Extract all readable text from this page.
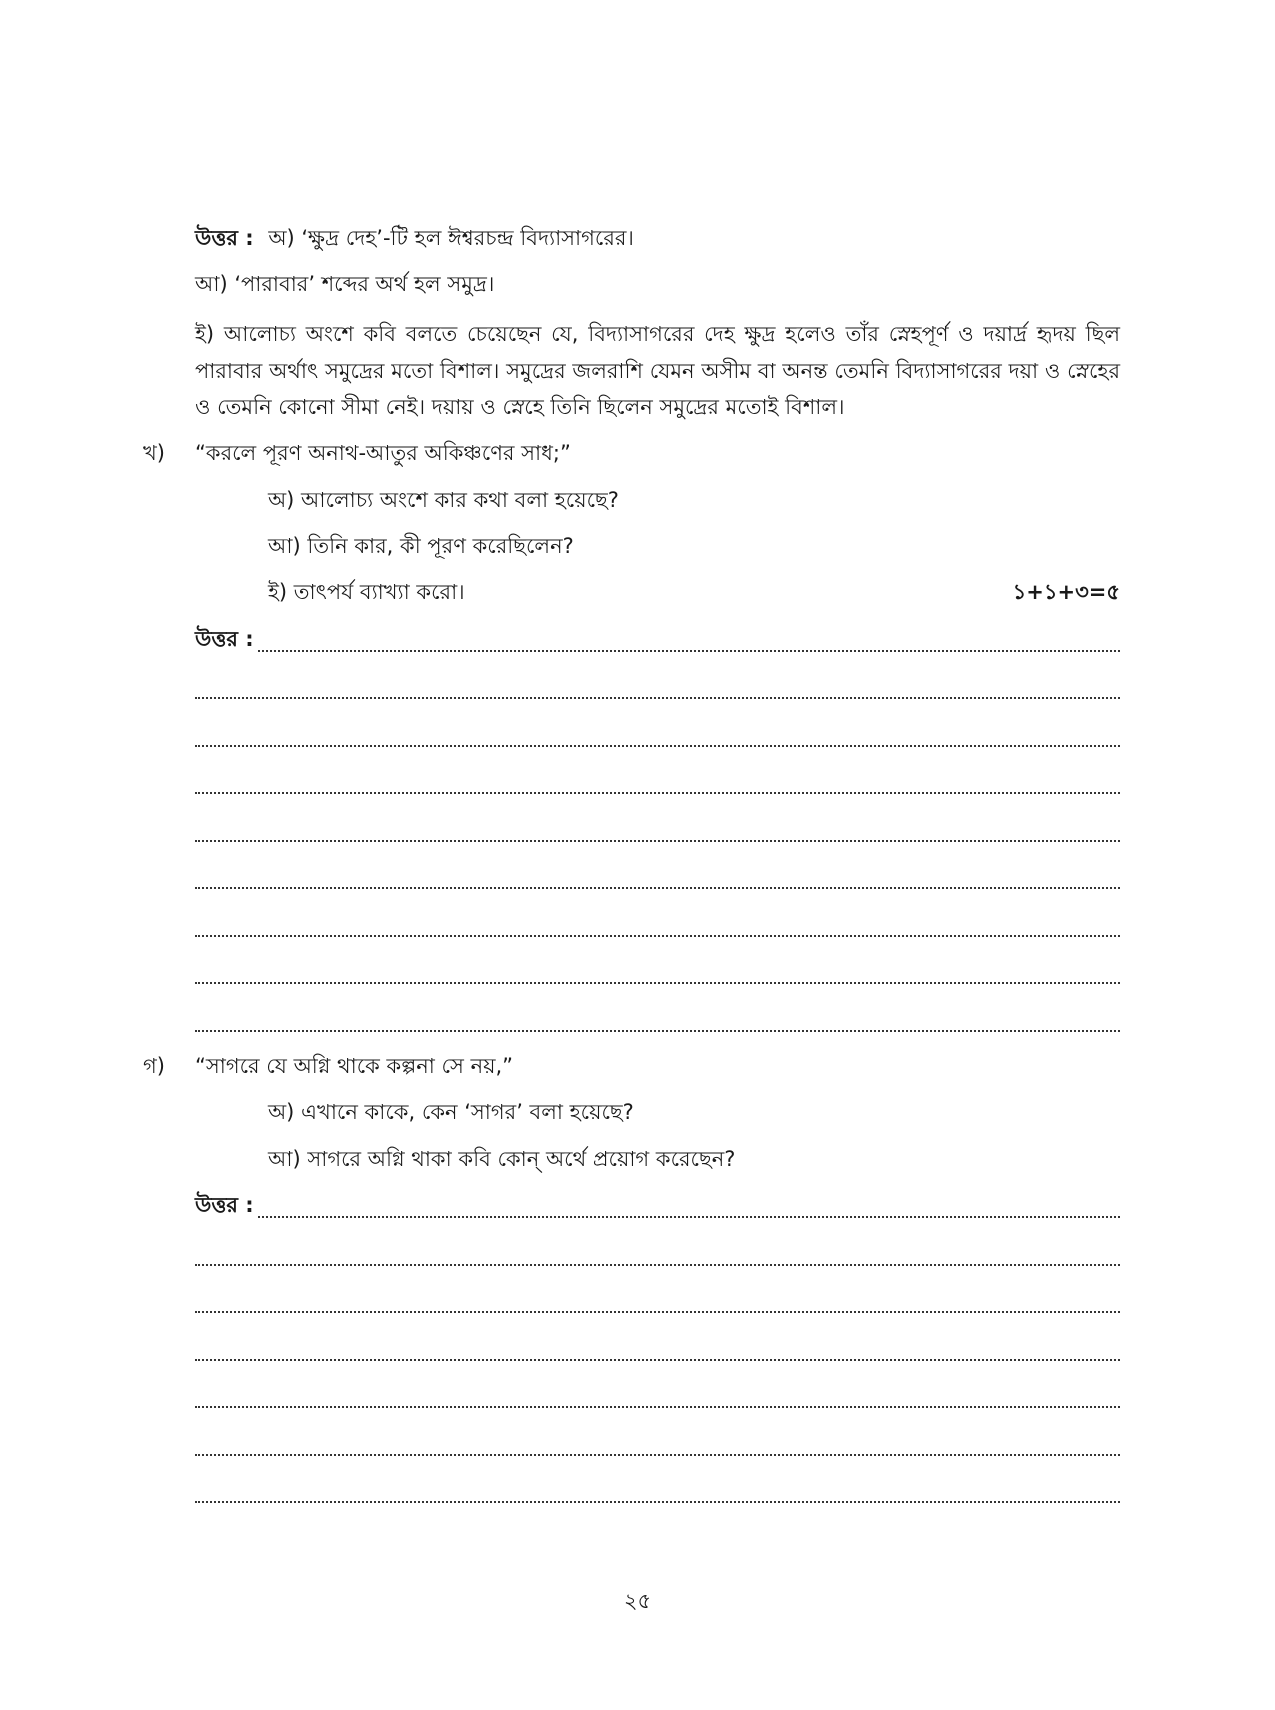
উত্তর : অ) ‘ক্ষুদ্র দেহ’-টি হল ঈশ্বরচন্দ্র বিদ্যাসাগরের।
আ) ‘পারাবার’ শব্দের অর্থ হল সমুদ্র।
ই) আলোচ্য অংশে কবি বলতে চেয়েছেন যে, বিদ্যাসাগরের দেহ ক্ষুদ্র হলেও তাঁর স্নেহপূর্ণ ও দয়ার্দ্র হৃদয় ছিল পারাবার অর্থাৎ সমুদ্রের মতো বিশাল। সমুদ্রের জলরাশি যেমন অসীম বা অনন্ত তেমনি বিদ্যাসাগরের দয়া ও স্নেহের ও তেমনি কোনো সীমা নেই। দয়ায় ও স্নেহে তিনি ছিলেন সমুদ্রের মতোই বিশাল।
খ) “করলে পূরণ অনাথ-আতুর অকিঞ্চণের সাধ;”
অ) আলোচ্য অংশে কার কথা বলা হয়েছে?
আ) তিনি কার, কী পূরণ করেছিলেন?
ই) তাৎপর্য ব্যাখ্যা করো।	১+১+৩=৫
উত্তর :
গ) “সাগরে যে অগ্নি থাকে কল্পনা সে নয়,”
অ) এখানে কাকে, কেন ‘সাগর’ বলা হয়েছে?
আ) সাগরে অগ্নি থাকা কবি কোন্ অর্থে প্রয়োগ করেছেন?
উত্তর :
২৫
